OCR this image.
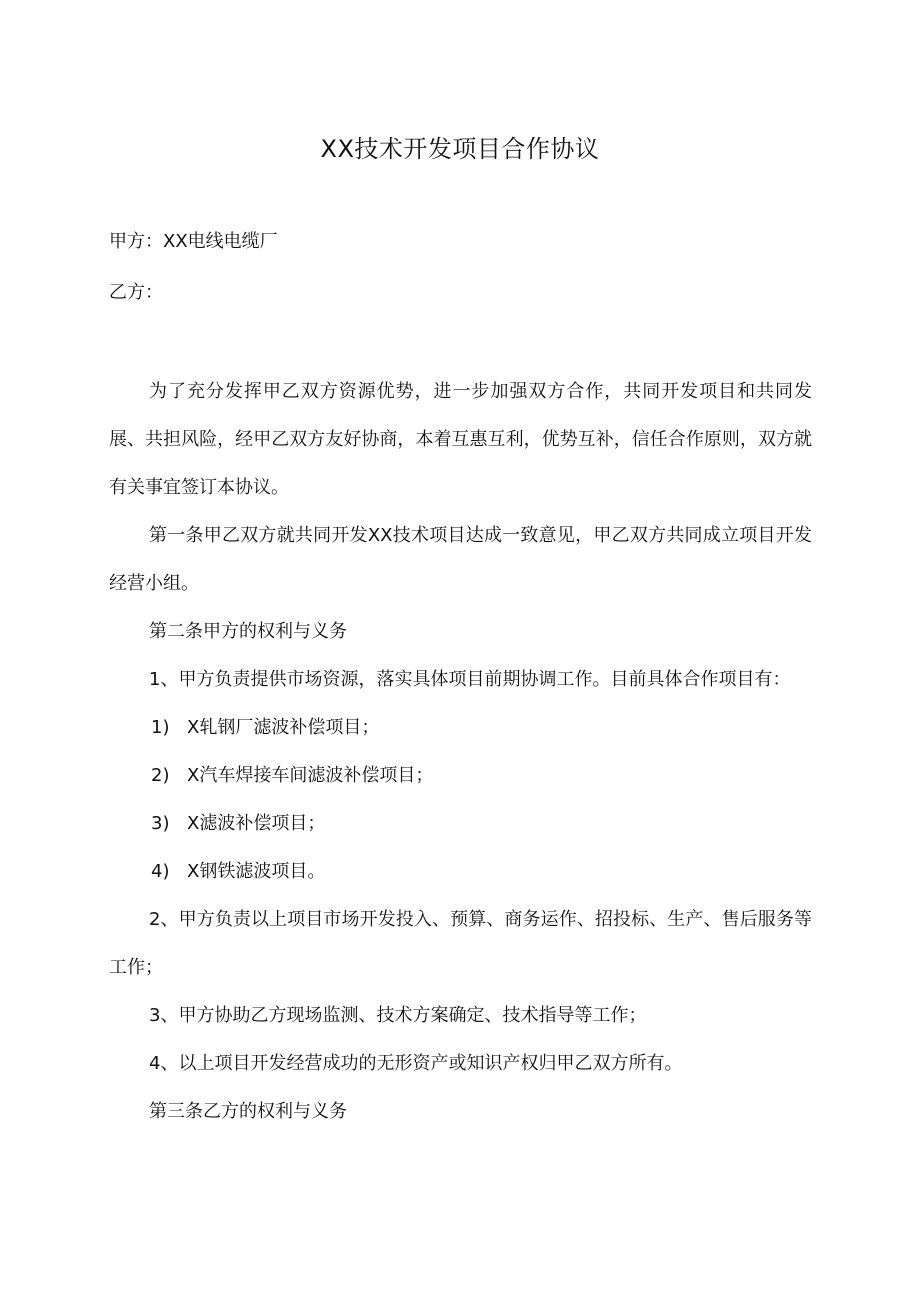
XX技术开发项目合作协议
甲方：XX电线电缆厂
乙方：

为了充分发挥甲乙双方资源优势，进一步加强双方合作，共同开发项目和共同发展、共担风险，经甲乙双方友好协商，本着互惠互利，优势互补，信任合作原则，双方就有关事宜签订本协议。

第一条甲乙双方就共同开发XX技术项目达成一致意见，甲乙双方共同成立项目开发经营小组。

第二条甲方的权利与义务

1、甲方负责提供市场资源，落实具体项目前期协调工作。目前具体合作项目有：

1) X轧钢厂滤波补偿项目；

2) X汽车焊接车间滤波补偿项目；

3) X滤波补偿项目；

4) X钢铁滤波项目。

2、甲方负责以上项目市场开发投入、预算、商务运作、招投标、生产、售后服务等工作；

3、甲方协助乙方现场监测、技术方案确定、技术指导等工作；

4、以上项目开发经营成功的无形资产或知识产权归甲乙双方所有。

第三条乙方的权利与义务
